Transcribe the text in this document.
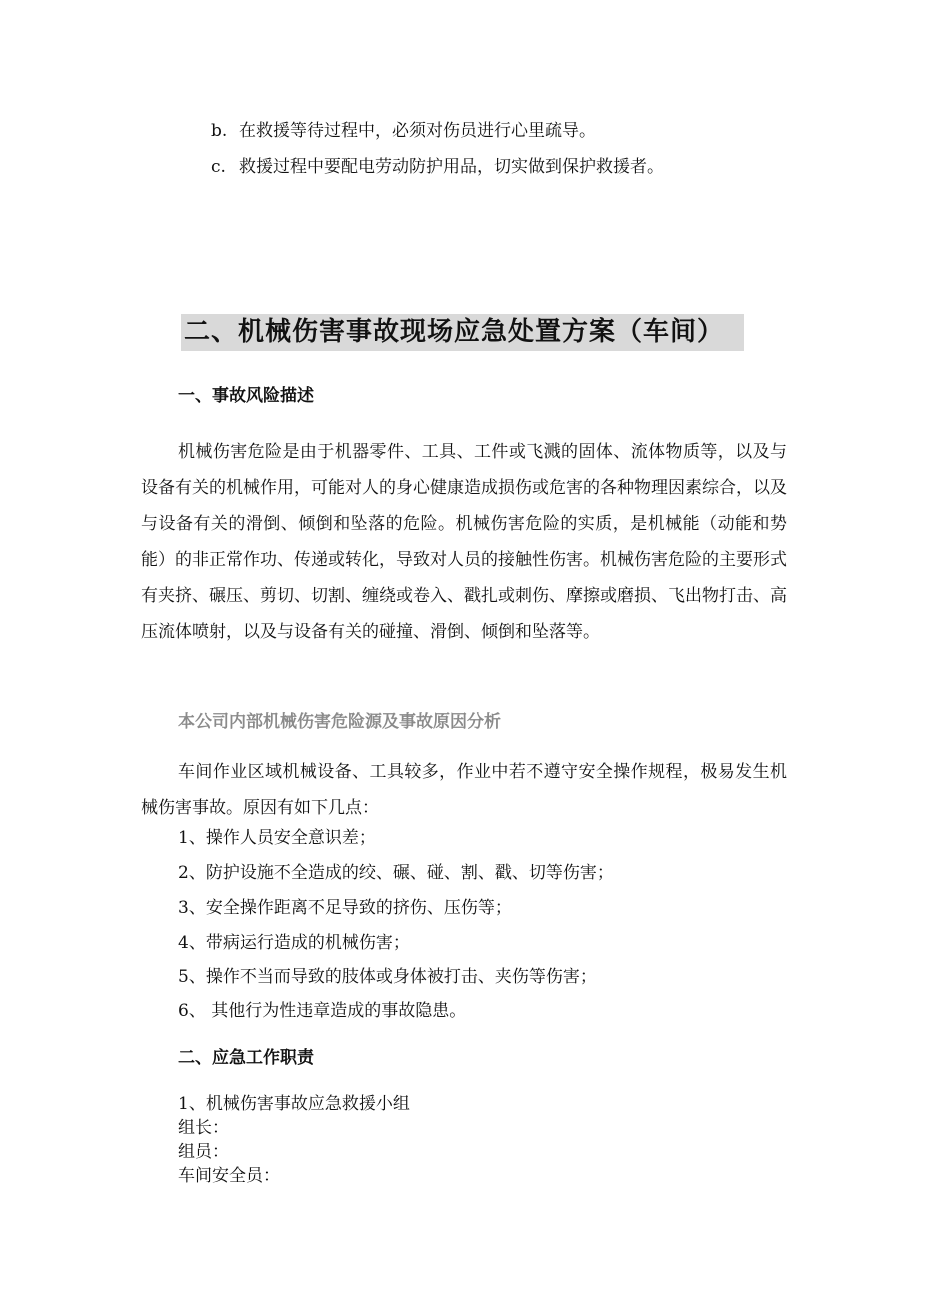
b. 在救援等待过程中，必须对伤员进行心里疏导。
c. 救援过程中要配电劳动防护用品，切实做到保护救援者。
二、机械伤害事故现场应急处置方案（车间）
一、事故风险描述
机械伤害危险是由于机器零件、工具、工件或飞溅的固体、流体物质等，以及与设备有关的机械作用，可能对人的身心健康造成损伤或危害的各种物理因素综合，以及与设备有关的滑倒、倾倒和坠落的危险。机械伤害危险的实质，是机械能（动能和势能）的非正常作功、传递或转化，导致对人员的接触性伤害。机械伤害危险的主要形式有夹挤、碾压、剪切、切割、缠绕或卷入、戳扎或刺伤、摩擦或磨损、飞出物打击、高压流体喷射，以及与设备有关的碰撞、滑倒、倾倒和坠落等。
本公司内部机械伤害危险源及事故原因分析
车间作业区域机械设备、工具较多，作业中若不遵守安全操作规程，极易发生机械伤害事故。原因有如下几点：
1、操作人员安全意识差；
2、防护设施不全造成的绞、碾、碰、割、戳、切等伤害；
3、安全操作距离不足导致的挤伤、压伤等；
4、带病运行造成的机械伤害；
5、操作不当而导致的肢体或身体被打击、夹伤等伤害；
6、 其他行为性违章造成的事故隐患。
二、应急工作职责
1、机械伤害事故应急救援小组
组长：
组员：
车间安全员：
